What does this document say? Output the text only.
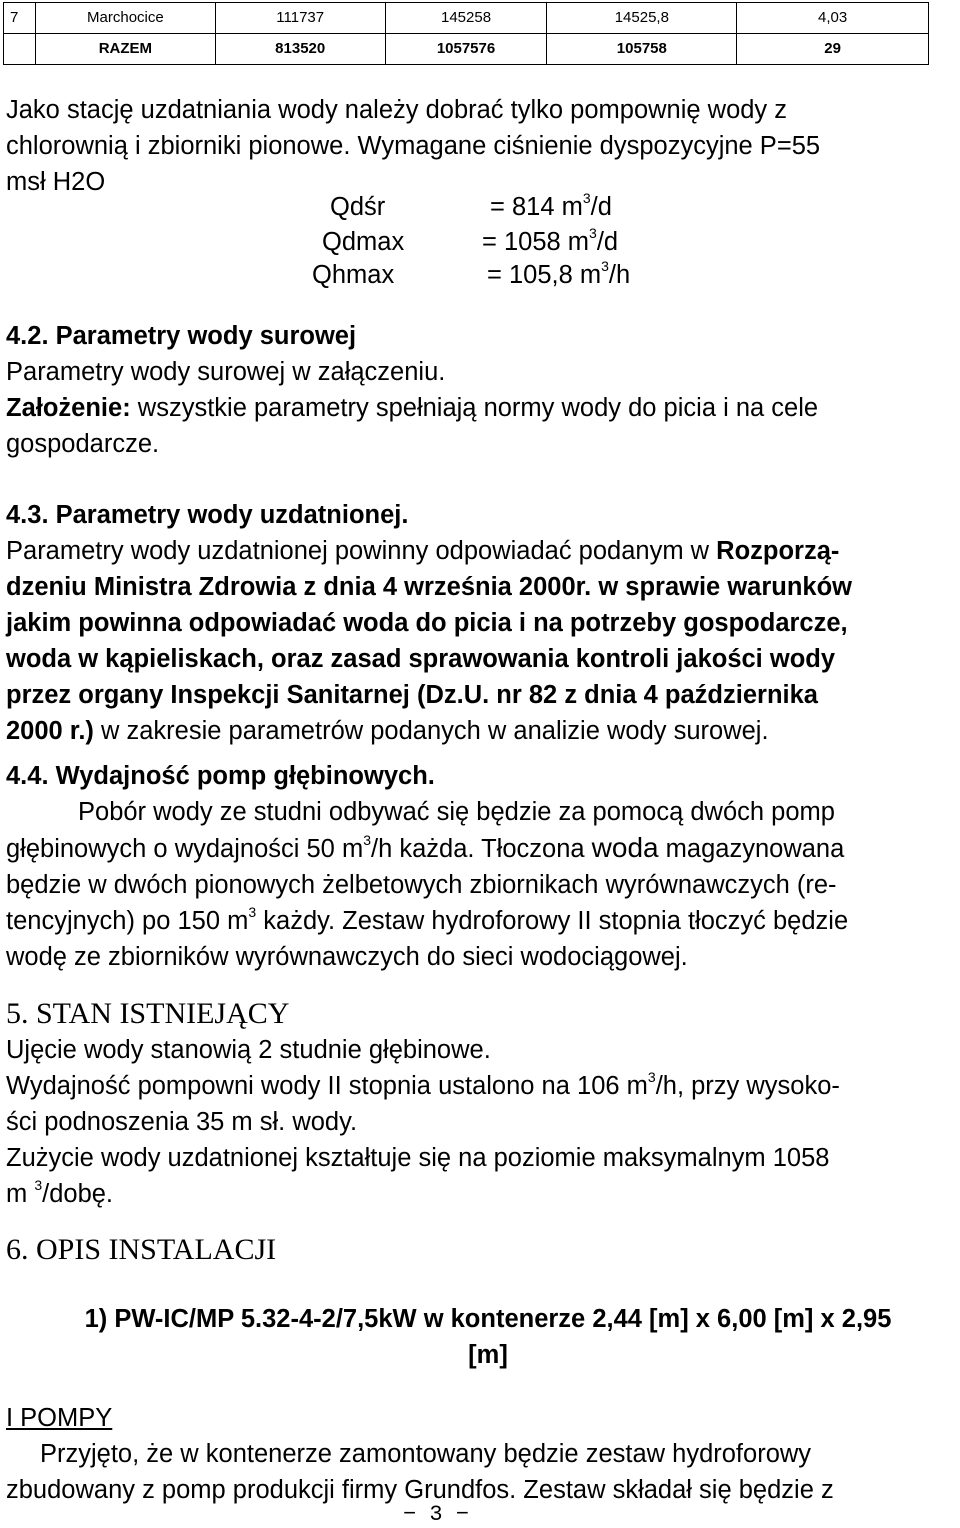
7	Marchocice	111737	145258	14525,8	4,03
	RAZEM	813520	1057576	105758	29
Jako stację uzdatniania wody należy dobrać tylko pompownię wody z
chlorownią i zbiorniki pionowe. Wymagane ciśnienie dyspozycyjne P=55
msł H2O
Qdśr	= 814 $m^3/d$
Qdmax	= 1058 $m^3/d$
Qhmax	= 105,8 $m^3/h$
4.2. Parametry wody surowej
Parametry wody surowej w załączeniu.
Założenie: wszystkie parametry spełniają normy wody do picia i na cele
gospodarcze.
4.3. Parametry wody uzdatnionej.
Parametry wody uzdatnionej powinny odpowiadać podanym w Rozporzą-
dzeniu Ministra Zdrowia z dnia 4 września 2000r. w sprawie warunków
jakim powinna odpowiadać woda do picia i na potrzeby gospodarcze,
woda w kąpieliskach, oraz zasad sprawowania kontroli jakości wody
przez organy Inspekcji Sanitarnej (Dz.U. nr 82 z dnia 4 października
2000 r.) w zakresie parametrów podanych w analizie wody surowej.
4.4. Wydajność pomp głębinowych.
Pobór wody ze studni odbywać się będzie za pomocą dwóch pomp
głębinowych o wydajności 50 $m^3/h$ każda. Tłoczona woda magazynowana
będzie w dwóch pionowych żelbetowych zbiornikach wyrównawczych (re-
tencyjnych) po 150 $m^3$ każdy. Zestaw hydroforowy II stopnia tłoczyć będzie
wodę ze zbiorników wyrównawczych do sieci wodociągowej.
5. STAN ISTNIEJĄCY
Ujęcie wody stanowią 2 studnie głębinowe.
Wydajność pompowni wody II stopnia ustalono na 106 $m^3/h$, przy wysoko-
ści podnoszenia 35 m sł. wody.
Zużycie wody uzdatnionej kształtuje się na poziomie maksymalnym 1058
m $^3$/dobę.
6. OPIS INSTALACJI
1) PW-IC/MP 5.32-4-2/7,5kW w kontenerze 2,44 [m] x 6,00 [m] x 2,95
[m]
I POMPY
Przyjęto, że w kontenerze zamontowany będzie zestaw hydroforowy
zbudowany z pomp produkcji firmy Grundfos. Zestaw składał się będzie z
− 3 −
